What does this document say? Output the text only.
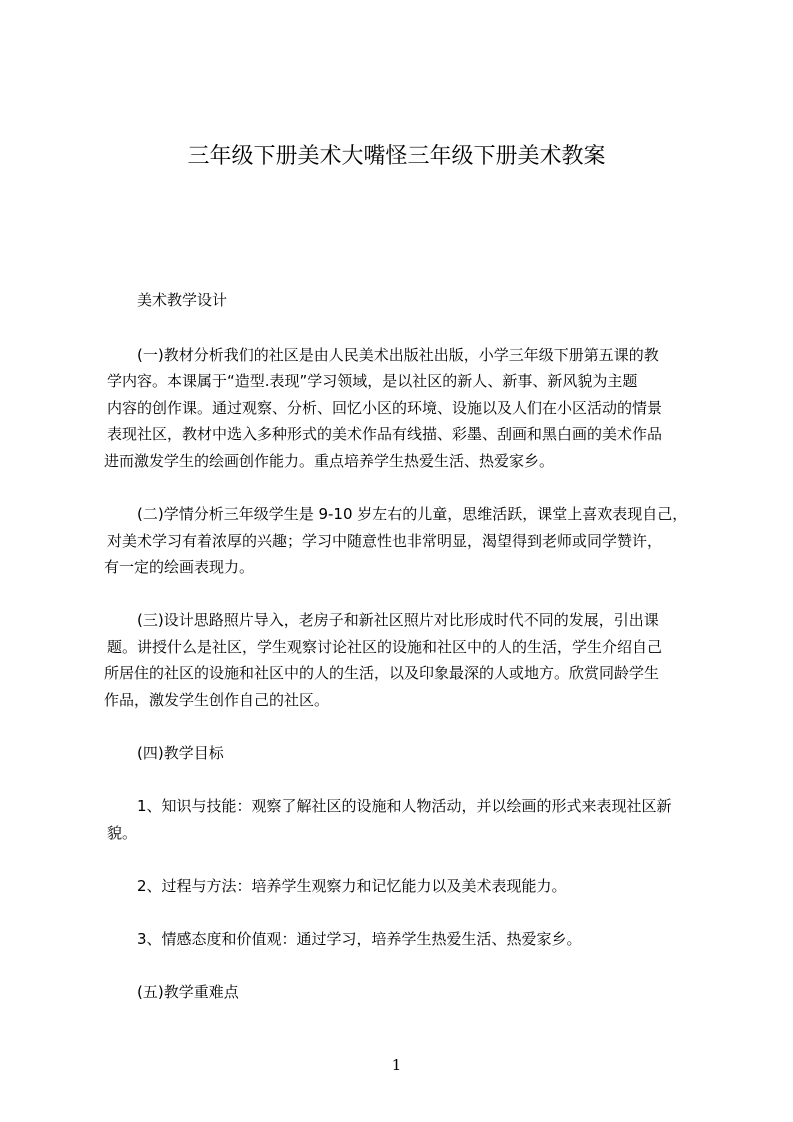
三年级下册美术大嘴怪三年级下册美术教案
美术教学设计
(一)教材分析我们的社区是由人民美术出版社出版，小学三年级下册第五课的教
学内容。本课属于“造型.表现”学习领域，是以社区的新人、新事、新风貌为主题
内容的创作课。通过观察、分析、回忆小区的环境、设施以及人们在小区活动的情景
表现社区，教材中选入多种形式的美术作品有线描、彩墨、刮画和黑白画的美术作品
进而激发学生的绘画创作能力。重点培养学生热爱生活、热爱家乡。
(二)学情分析三年级学生是 9-10 岁左右的儿童，思维活跃，课堂上喜欢表现自己，
对美术学习有着浓厚的兴趣；学习中随意性也非常明显，渴望得到老师或同学赞许，
有一定的绘画表现力。
(三)设计思路照片导入，老房子和新社区照片对比形成时代不同的发展，引出课
题。讲授什么是社区，学生观察讨论社区的设施和社区中的人的生活，学生介绍自己
所居住的社区的设施和社区中的人的生活，以及印象最深的人或地方。欣赏同龄学生
作品，激发学生创作自己的社区。
(四)教学目标
1、知识与技能：观察了解社区的设施和人物活动，并以绘画的形式来表现社区新
貌。
2、过程与方法：培养学生观察力和记忆能力以及美术表现能力。
3、情感态度和价值观：通过学习，培养学生热爱生活、热爱家乡。
(五)教学重难点
1
